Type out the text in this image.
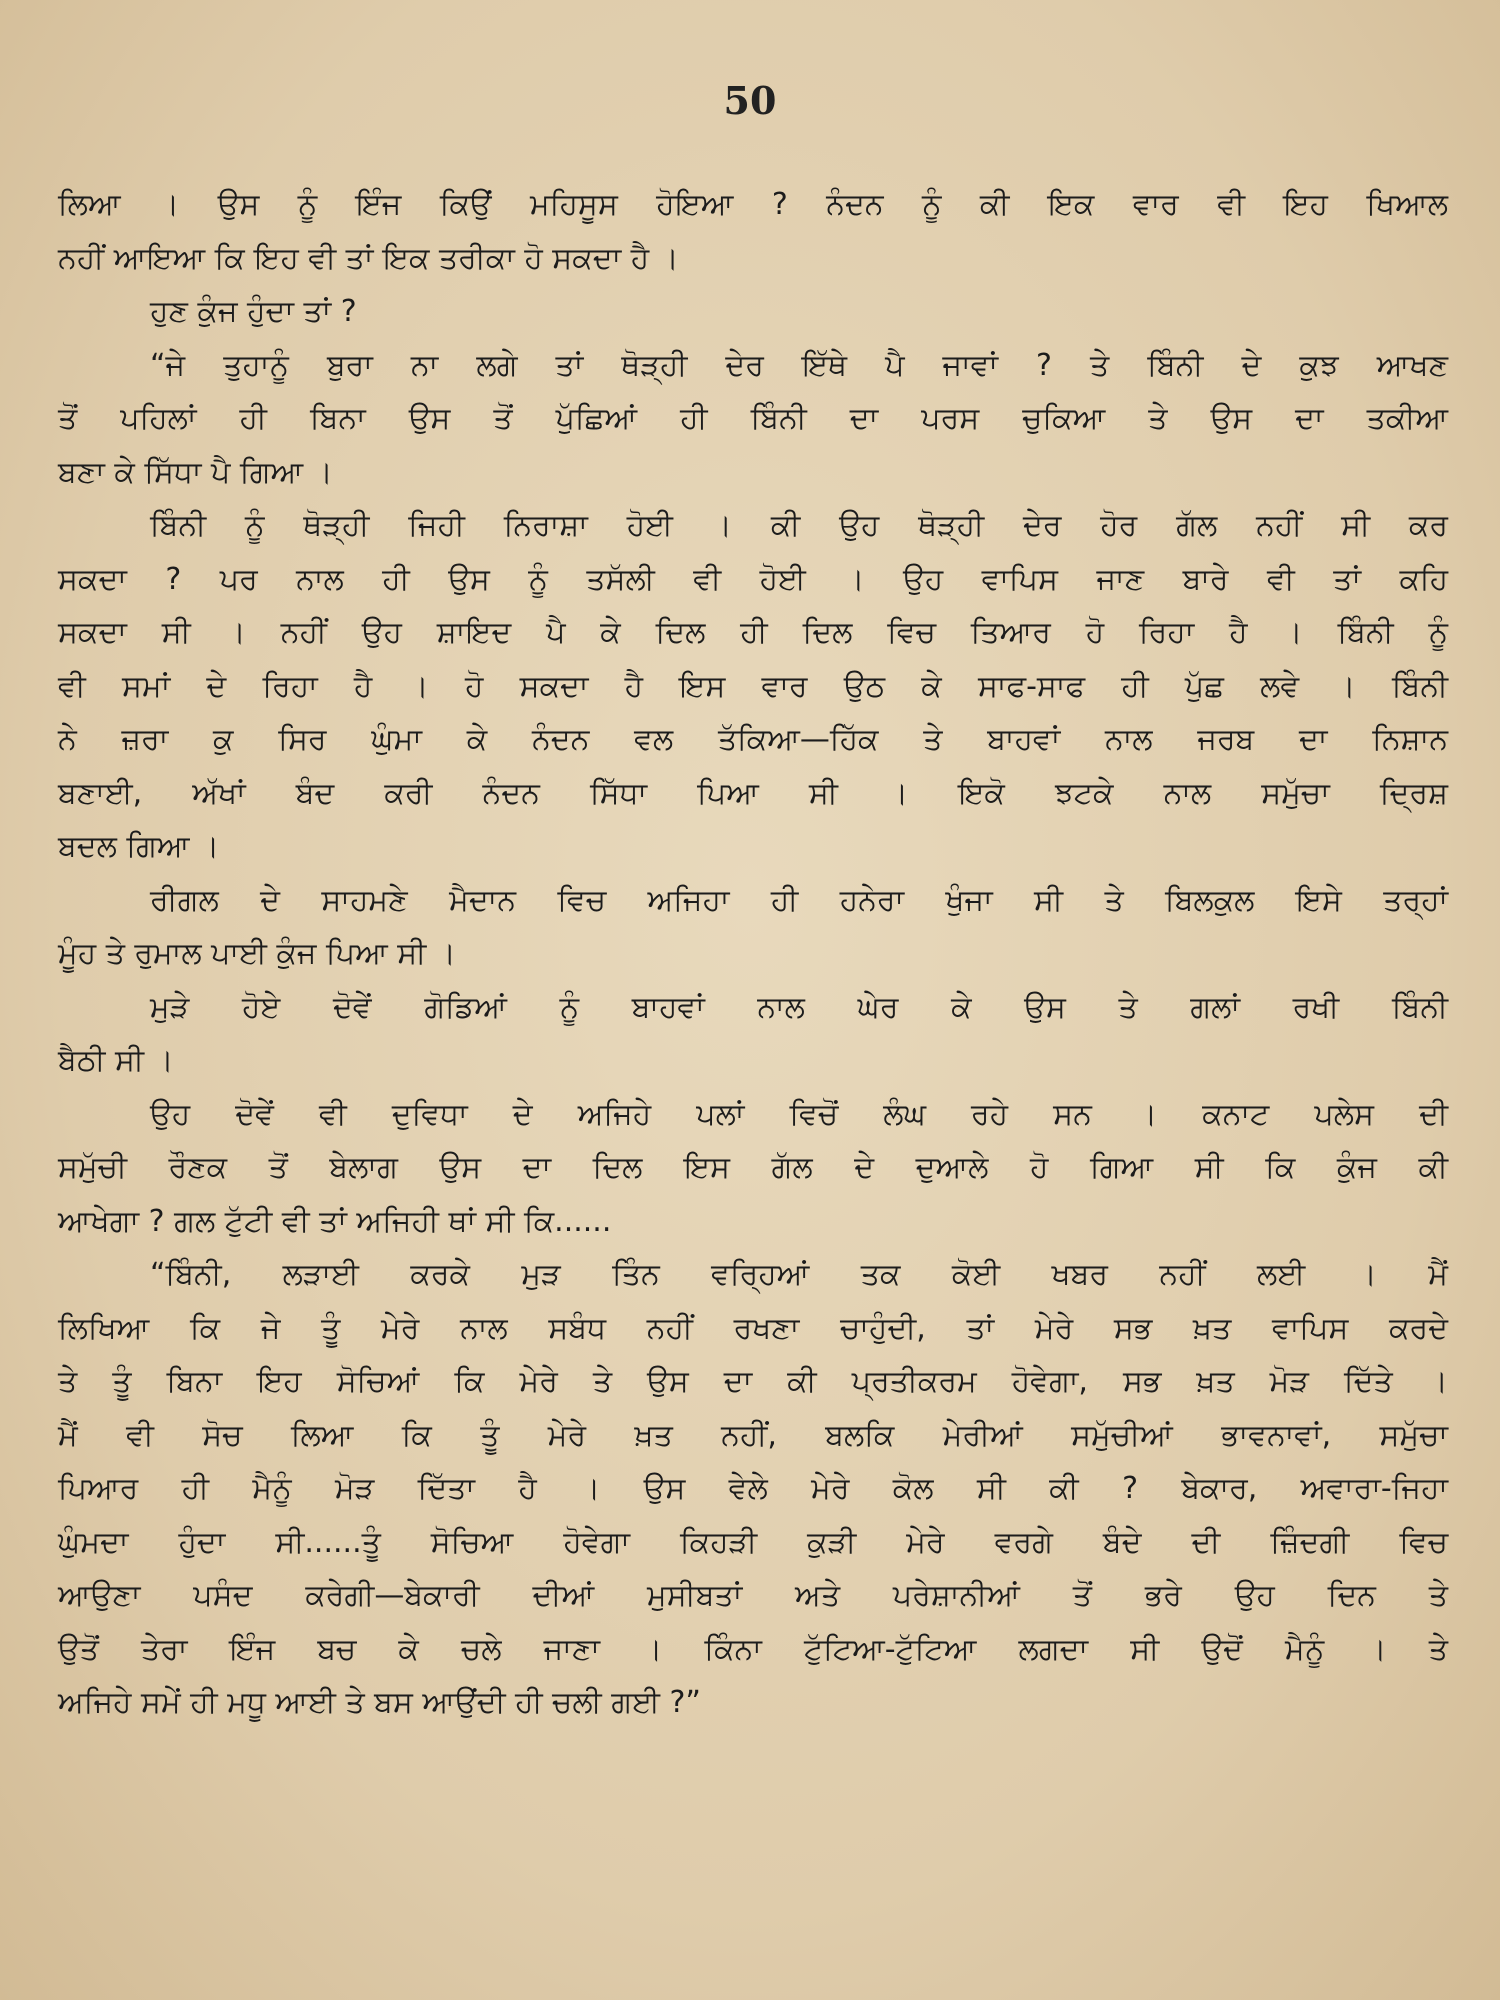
50
ਲਿਆ । ਉਸ ਨੂੰ ਇੰਜ ਕਿਉਂ ਮਹਿਸੂਸ ਹੋਇਆ ? ਨੰਦਨ ਨੂੰ ਕੀ ਇਕ ਵਾਰ ਵੀ ਇਹ ਖਿਆਲ
ਨਹੀਂ ਆਇਆ ਕਿ ਇਹ ਵੀ ਤਾਂ ਇਕ ਤਰੀਕਾ ਹੋ ਸਕਦਾ ਹੈ ।
ਹੁਣ ਕੁੰਜ ਹੁੰਦਾ ਤਾਂ ?
“ਜੇ ਤੁਹਾਨੂੰ ਬੁਰਾ ਨਾ ਲਗੇ ਤਾਂ ਥੋੜ੍ਹੀ ਦੇਰ ਇੱਥੇ ਪੈ ਜਾਵਾਂ ? ਤੇ ਬਿੰਨੀ ਦੇ ਕੁਝ ਆਖਣ
ਤੋਂ ਪਹਿਲਾਂ ਹੀ ਬਿਨਾ ਉਸ ਤੋਂ ਪੁੱਛਿਆਂ ਹੀ ਬਿੰਨੀ ਦਾ ਪਰਸ ਚੁਕਿਆ ਤੇ ਉਸ ਦਾ ਤਕੀਆ
ਬਣਾ ਕੇ ਸਿੱਧਾ ਪੈ ਗਿਆ ।
ਬਿੰਨੀ ਨੂੰ ਥੋੜ੍ਹੀ ਜਿਹੀ ਨਿਰਾਸ਼ਾ ਹੋਈ । ਕੀ ਉਹ ਥੋੜ੍ਹੀ ਦੇਰ ਹੋਰ ਗੱਲ ਨਹੀਂ ਸੀ ਕਰ
ਸਕਦਾ ? ਪਰ ਨਾਲ ਹੀ ਉਸ ਨੂੰ ਤਸੱਲੀ ਵੀ ਹੋਈ । ਉਹ ਵਾਪਿਸ ਜਾਣ ਬਾਰੇ ਵੀ ਤਾਂ ਕਹਿ
ਸਕਦਾ ਸੀ । ਨਹੀਂ ਉਹ ਸ਼ਾਇਦ ਪੈ ਕੇ ਦਿਲ ਹੀ ਦਿਲ ਵਿਚ ਤਿਆਰ ਹੋ ਰਿਹਾ ਹੈ । ਬਿੰਨੀ ਨੂੰ
ਵੀ ਸਮਾਂ ਦੇ ਰਿਹਾ ਹੈ । ਹੋ ਸਕਦਾ ਹੈ ਇਸ ਵਾਰ ਉਠ ਕੇ ਸਾਫ-ਸਾਫ ਹੀ ਪੁੱਛ ਲਵੇ । ਬਿੰਨੀ
ਨੇ ਜ਼ਰਾ ਕੁ ਸਿਰ ਘੁੰਮਾ ਕੇ ਨੰਦਨ ਵਲ ਤੱਕਿਆ—ਹਿੱਕ ਤੇ ਬਾਹਵਾਂ ਨਾਲ ਜਰਬ ਦਾ ਨਿਸ਼ਾਨ
ਬਣਾਈ, ਅੱਖਾਂ ਬੰਦ ਕਰੀ ਨੰਦਨ ਸਿੱਧਾ ਪਿਆ ਸੀ । ਇਕੋ ਝਟਕੇ ਨਾਲ ਸਮੁੱਚਾ ਦ੍ਰਿਸ਼
ਬਦਲ ਗਿਆ ।
ਰੀਗਲ ਦੇ ਸਾਹਮਣੇ ਮੈਦਾਨ ਵਿਚ ਅਜਿਹਾ ਹੀ ਹਨੇਰਾ ਖੁੰਜਾ ਸੀ ਤੇ ਬਿਲਕੁਲ ਇਸੇ ਤਰ੍ਹਾਂ
ਮੂੰਹ ਤੇ ਰੁਮਾਲ ਪਾਈ ਕੁੰਜ ਪਿਆ ਸੀ ।
ਮੁੜੇ ਹੋਏ ਦੋਵੇਂ ਗੋਡਿਆਂ ਨੂੰ ਬਾਹਵਾਂ ਨਾਲ ਘੇਰ ਕੇ ਉਸ ਤੇ ਗਲਾਂ ਰਖੀ ਬਿੰਨੀ
ਬੈਠੀ ਸੀ ।
ਉਹ ਦੋਵੇਂ ਵੀ ਦੁਵਿਧਾ ਦੇ ਅਜਿਹੇ ਪਲਾਂ ਵਿਚੋਂ ਲੰਘ ਰਹੇ ਸਨ । ਕਨਾਟ ਪਲੇਸ ਦੀ
ਸਮੁੱਚੀ ਰੌਣਕ ਤੋਂ ਬੇਲਾਗ ਉਸ ਦਾ ਦਿਲ ਇਸ ਗੱਲ ਦੇ ਦੁਆਲੇ ਹੋ ਗਿਆ ਸੀ ਕਿ ਕੁੰਜ ਕੀ
ਆਖੇਗਾ ? ਗਲ ਟੁੱਟੀ ਵੀ ਤਾਂ ਅਜਿਹੀ ਥਾਂ ਸੀ ਕਿ......
“ਬਿੰਨੀ, ਲੜਾਈ ਕਰਕੇ ਮੁੜ ਤਿੰਨ ਵਰ੍ਹਿਆਂ ਤਕ ਕੋਈ ਖਬਰ ਨਹੀਂ ਲਈ । ਮੈਂ
ਲਿਖਿਆ ਕਿ ਜੇ ਤੂੰ ਮੇਰੇ ਨਾਲ ਸਬੰਧ ਨਹੀਂ ਰਖਣਾ ਚਾਹੁੰਦੀ, ਤਾਂ ਮੇਰੇ ਸਭ ਖ਼ਤ ਵਾਪਿਸ ਕਰਦੇ
ਤੇ ਤੂੰ ਬਿਨਾ ਇਹ ਸੋਚਿਆਂ ਕਿ ਮੇਰੇ ਤੇ ਉਸ ਦਾ ਕੀ ਪ੍ਰਤੀਕਰਮ ਹੋਵੇਗਾ, ਸਭ ਖ਼ਤ ਮੋੜ ਦਿੱਤੇ ।
ਮੈਂ ਵੀ ਸੋਚ ਲਿਆ ਕਿ ਤੂੰ ਮੇਰੇ ਖ਼ਤ ਨਹੀਂ, ਬਲਕਿ ਮੇਰੀਆਂ ਸਮੁੱਚੀਆਂ ਭਾਵਨਾਵਾਂ, ਸਮੁੱਚਾ
ਪਿਆਰ ਹੀ ਮੈਨੂੰ ਮੋੜ ਦਿੱਤਾ ਹੈ । ਉਸ ਵੇਲੇ ਮੇਰੇ ਕੋਲ ਸੀ ਕੀ ? ਬੇਕਾਰ, ਅਵਾਰਾ-ਜਿਹਾ
ਘੁੰਮਦਾ ਹੁੰਦਾ ਸੀ......ਤੂੰ ਸੋਚਿਆ ਹੋਵੇਗਾ ਕਿਹੜੀ ਕੁੜੀ ਮੇਰੇ ਵਰਗੇ ਬੰਦੇ ਦੀ ਜ਼ਿੰਦਗੀ ਵਿਚ
ਆਉਣਾ ਪਸੰਦ ਕਰੇਗੀ—ਬੇਕਾਰੀ ਦੀਆਂ ਮੁਸੀਬਤਾਂ ਅਤੇ ਪਰੇਸ਼ਾਨੀਆਂ ਤੋਂ ਭਰੇ ਉਹ ਦਿਨ ਤੇ
ਉਤੋਂ ਤੇਰਾ ਇੰਜ ਬਚ ਕੇ ਚਲੇ ਜਾਣਾ । ਕਿੰਨਾ ਟੁੱਟਿਆ-ਟੁੱਟਿਆ ਲਗਦਾ ਸੀ ਉਦੋਂ ਮੈਨੂੰ । ਤੇ
ਅਜਿਹੇ ਸਮੇਂ ਹੀ ਮਧੂ ਆਈ ਤੇ ਬਸ ਆਉਂਦੀ ਹੀ ਚਲੀ ਗਈ ?”
